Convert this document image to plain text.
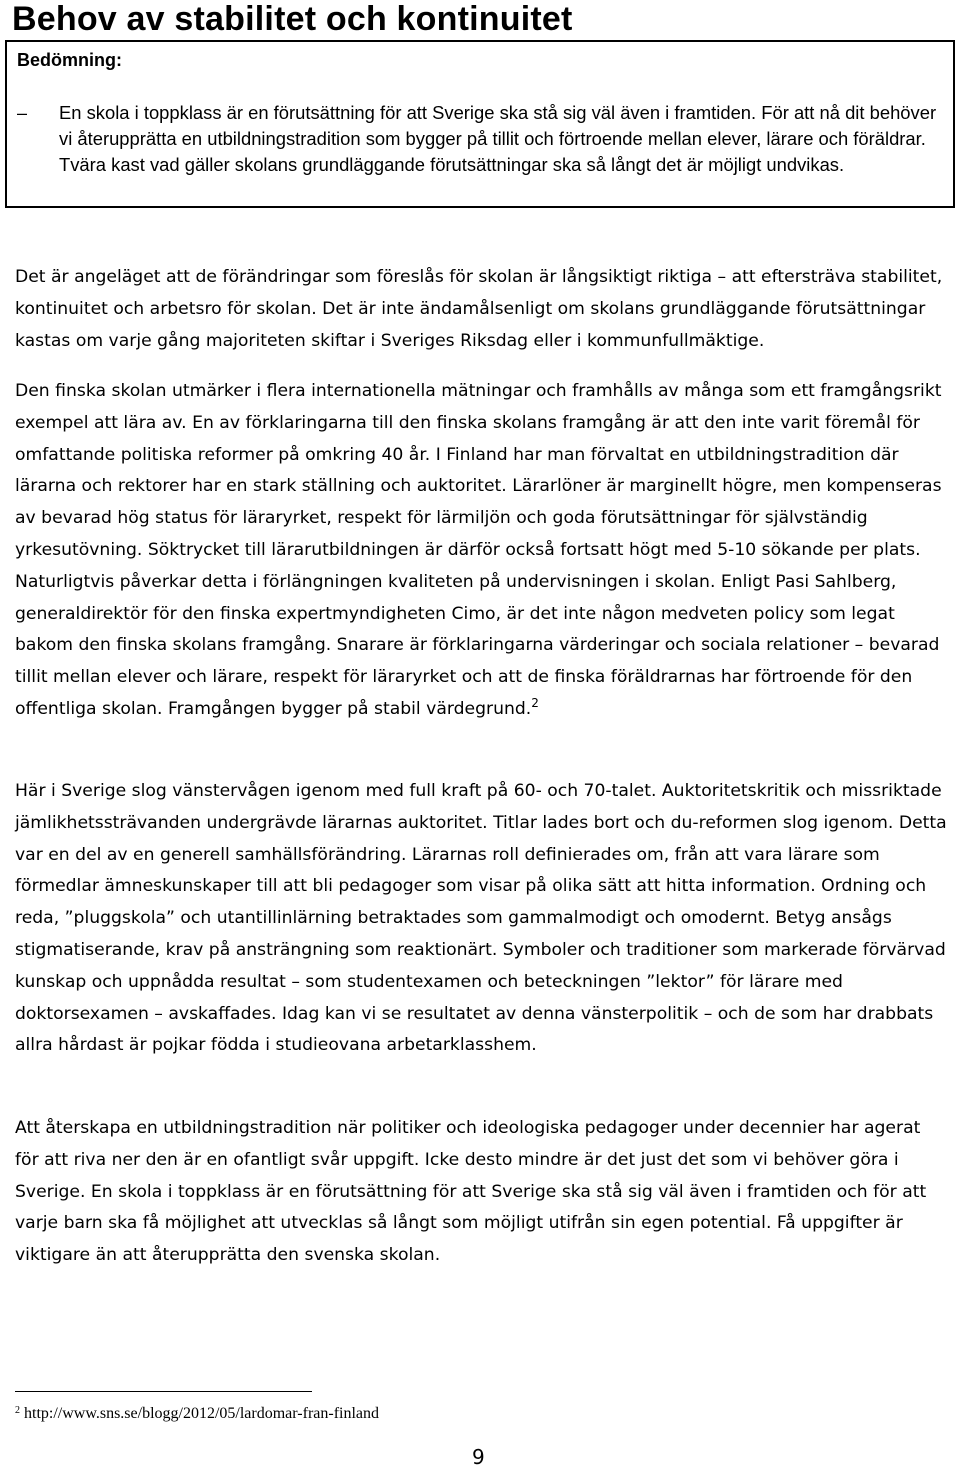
Behov av stabilitet och kontinuitet
Bedömning:
–	En skola i toppklass är en förutsättning för att Sverige ska stå sig väl även i framtiden. För att nå dit behöver vi återupprätta en utbildningstradition som bygger på tillit och förtroende mellan elever, lärare och föräldrar. Tvära kast vad gäller skolans grundläggande förutsättningar ska så långt det är möjligt undvikas.

Det är angeläget att de förändringar som föreslås för skolan är långsiktigt riktiga – att eftersträva stabilitet, kontinuitet och arbetsro för skolan. Det är inte ändamålsenligt om skolans grundläggande förutsättningar kastas om varje gång majoriteten skiftar i Sveriges Riksdag eller i kommunfullmäktige.

Den finska skolan utmärker i flera internationella mätningar och framhålls av många som ett framgångsrikt exempel att lära av. En av förklaringarna till den finska skolans framgång är att den inte varit föremål för omfattande politiska reformer på omkring 40 år. I Finland har man förvaltat en utbildningstradition där lärarna och rektorer har en stark ställning och auktoritet. Lärarlöner är marginellt högre, men kompenseras av bevarad hög status för läraryrket, respekt för lärmiljön och goda förutsättningar för självständig yrkesutövning. Söktrycket till lärarutbildningen är därför också fortsatt högt med 5-10 sökande per plats. Naturligtvis påverkar detta i förlängningen kvaliteten på undervisningen i skolan. Enligt Pasi Sahlberg, generaldirektör för den finska expertmyndigheten Cimo, är det inte någon medveten policy som legat bakom den finska skolans framgång. Snarare är förklaringarna värderingar och sociala relationer – bevarad tillit mellan elever och lärare, respekt för läraryrket och att de finska föräldrarnas har förtroende för den offentliga skolan. Framgången bygger på stabil värdegrund.$^2$

Här i Sverige slog vänstervågen igenom med full kraft på 60- och 70-talet. Auktoritetskritik och missriktade jämlikhetssträvanden undergrävde lärarnas auktoritet. Titlar lades bort och du-reformen slog igenom. Detta var en del av en generell samhällsförändring. Lärarnas roll definierades om, från att vara lärare som förmedlar ämneskunskaper till att bli pedagoger som visar på olika sätt att hitta information. Ordning och reda, ”pluggskola” och utantillinlärning betraktades som gammalmodigt och omodernt. Betyg ansågs stigmatiserande, krav på ansträngning som reaktionärt. Symboler och traditioner som markerade förvärvad kunskap och uppnådda resultat – som studentexamen och beteckningen ”lektor” för lärare med doktorsexamen – avskaffades. Idag kan vi se resultatet av denna vänsterpolitik – och de som har drabbats allra hårdast är pojkar födda i studieovana arbetarklasshem.

Att återskapa en utbildningstradition när politiker och ideologiska pedagoger under decennier har agerat för att riva ner den är en ofantligt svår uppgift. Icke desto mindre är det just det som vi behöver göra i Sverige. En skola i toppklass är en förutsättning för att Sverige ska stå sig väl även i framtiden och för att varje barn ska få möjlighet att utvecklas så långt som möjligt utifrån sin egen potential. Få uppgifter är viktigare än att återupprätta den svenska skolan.

$^2$ http://www.sns.se/blogg/2012/05/lardomar-fran-finland
9
